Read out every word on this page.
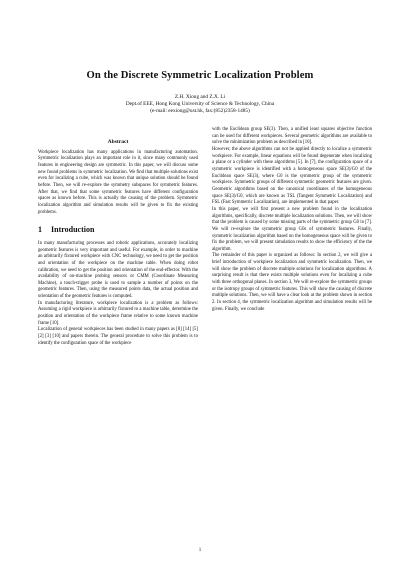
On the Discrete Symmetric Localization Problem
Z.H. Xiong and Z.X. Li
Dept.of EEE, Hong Kong University of Science & Technology, China
(e-mail: eexiong@ust.hk, fax:(852)2358-1485)
Abstract

Workpiece localization has many applications in manufacturing automation. Symmetric localization plays an important role in it, since many commonly used features in engineering design are symmetric. In this paper, we will discuss some new found problems in symmetric localization. We find that multiple solutions exist even for localizing a cube, which was known that unique solution should be found before. Then, we will re-explore the symmetry subspaces for symmetric features. After that, we find that some symmetric features have different configuration spaces as known before. This is actually the causing of the problem. Symmetric localization algorithm and simulation results will be given to fix the existing problems.

1 Introduction

In many manufacturing processes and robotic applications, accurately localizing geometric features is very important and useful. For example, in order to machine an arbitrarily fixtured workpiece with CNC technology, we need to get the position and orientation of the workpiece on the machine table. When doing robot calibration, we need to get the position and orientation of the end-effector. With the availability of on-machine probing sensors or CMM (Coordinate Measuring Machine), a touch-trigger probe is used to sample a number of points on the geometric features. Then, using the measured points data, the actual position and orientation of the geometric features is computed.

In manufacturing literature, workpiece localization is a problem as follows: Assuming a rigid workpiece is arbitrarily fixtured to a machine table, determine the position and orientation of the workpiece frame relative to some known machine frame [10].

Localization of general workpieces has been studied in many papers as [8] [14] [5] [2] [3] [10] and papers therein. The general procedure to solve this problem is to identify the configuration space of the workpiece

with the Euclidean group SE(3). Then, a unified least squares objective function can be used for different workpieces. Several geometric algorithms are available to solve the minimization problem as described in [10].

However, the above algorithms can not be applied directly to localize a symmetric workpiece. For example, linear equations will be found degenerate when localizing a plane or a cylinder with these algorithms [5]. In [7], the configuration space of a symmetric workpiece is identified with a homogeneous space SE(3)/G0 of the Euclidean space SE(3), where G0 is the symmetric group of the symmetric workpiece. Symmetric groups of different symmetric geometric features are given. Geometric algorithms based on the canonical coordinates of the homogeneous space SE(3)/G0, which are known as TSL (Tangent Symmetric Localization) and FSL (Fast Symmetric Localization), are implemented in that paper.

In this paper, we will first present a new problem found in the localization algorithms, specifically, discrete multiple localization solutions. Then, we will show that the problem is caused by some missing parts of the symmetric group G0 in [7]. We will re-explore the symmetric group G0s of symmetric features. Finally, symmetric localization algorithm based on the homogeneous space will be given to fix the problem, we will present simulation results to show the efficiency of the the algorithm.

The remainder of this paper is organized as follows: In section 2, we will give a brief introduction of workpiece localization and symmetric localization. Then, we will show the problem of discrete multiple solutions for localization algorithms. A surprising result is that there exists multiple solutions even for localizing a cube with three orthogonal planes. In section 3, We will re-explore the symmetric groups or the isotropy groups of symmetric features. This will show the causing of discrete multiple solutions. Then, we will have a clear look at the problem shown in section 2. In section 4, the symmetric localization algorithm and simulation results will be given. Finally, we conclude

1
